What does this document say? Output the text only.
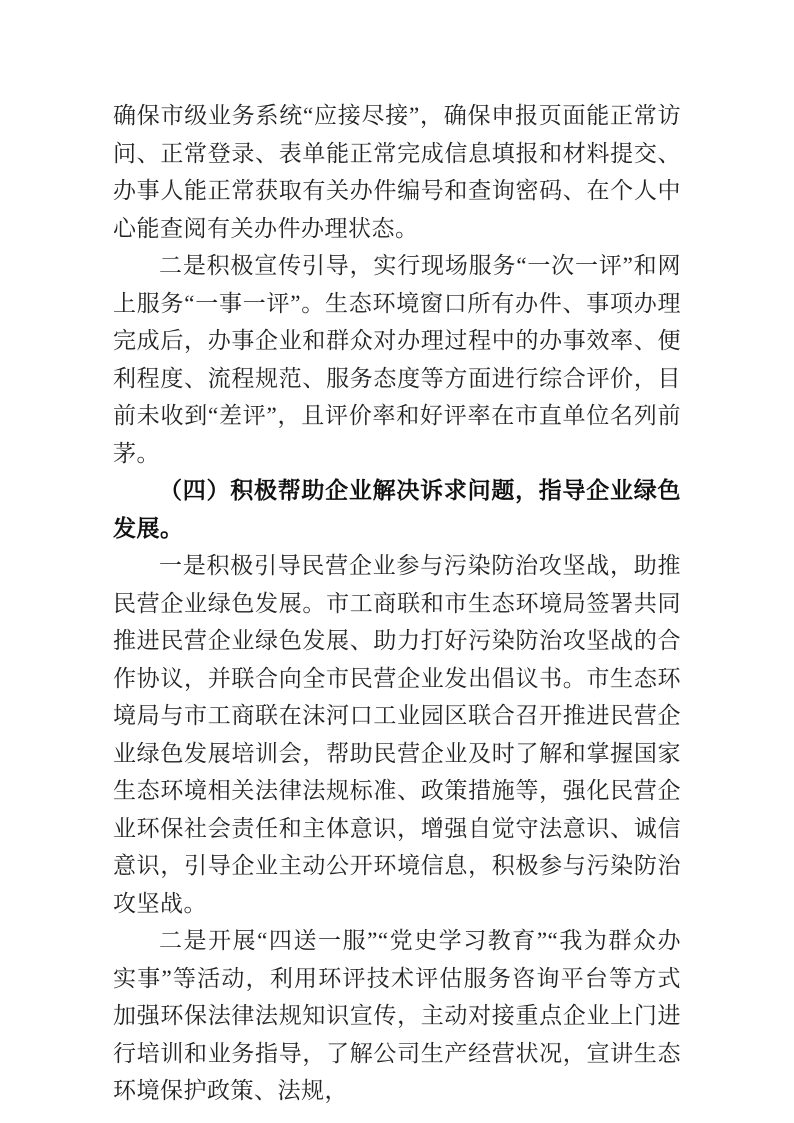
确保市级业务系统“应接尽接”，确保申报页面能正常访问、正常登录、表单能正常完成信息填报和材料提交、办事人能正常获取有关办件编号和查询密码、在个人中心能查阅有关办件办理状态。

二是积极宣传引导，实行现场服务“一次一评”和网上服务“一事一评”。生态环境窗口所有办件、事项办理完成后，办事企业和群众对办理过程中的办事效率、便利程度、流程规范、服务态度等方面进行综合评价，目前未收到“差评”，且评价率和好评率在市直单位名列前茅。

（四）积极帮助企业解决诉求问题，指导企业绿色发展。

一是积极引导民营企业参与污染防治攻坚战，助推民营企业绿色发展。市工商联和市生态环境局签署共同推进民营企业绿色发展、助力打好污染防治攻坚战的合作协议，并联合向全市民营企业发出倡议书。市生态环境局与市工商联在沫河口工业园区联合召开推进民营企业绿色发展培训会，帮助民营企业及时了解和掌握国家生态环境相关法律法规标准、政策措施等，强化民营企业环保社会责任和主体意识，增强自觉守法意识、诚信意识，引导企业主动公开环境信息，积极参与污染防治攻坚战。

二是开展“四送一服”“党史学习教育”“我为群众办实事”等活动，利用环评技术评估服务咨询平台等方式加强环保法律法规知识宣传，主动对接重点企业上门进行培训和业务指导，了解公司生产经营状况，宣讲生态环境保护政策、法规，
